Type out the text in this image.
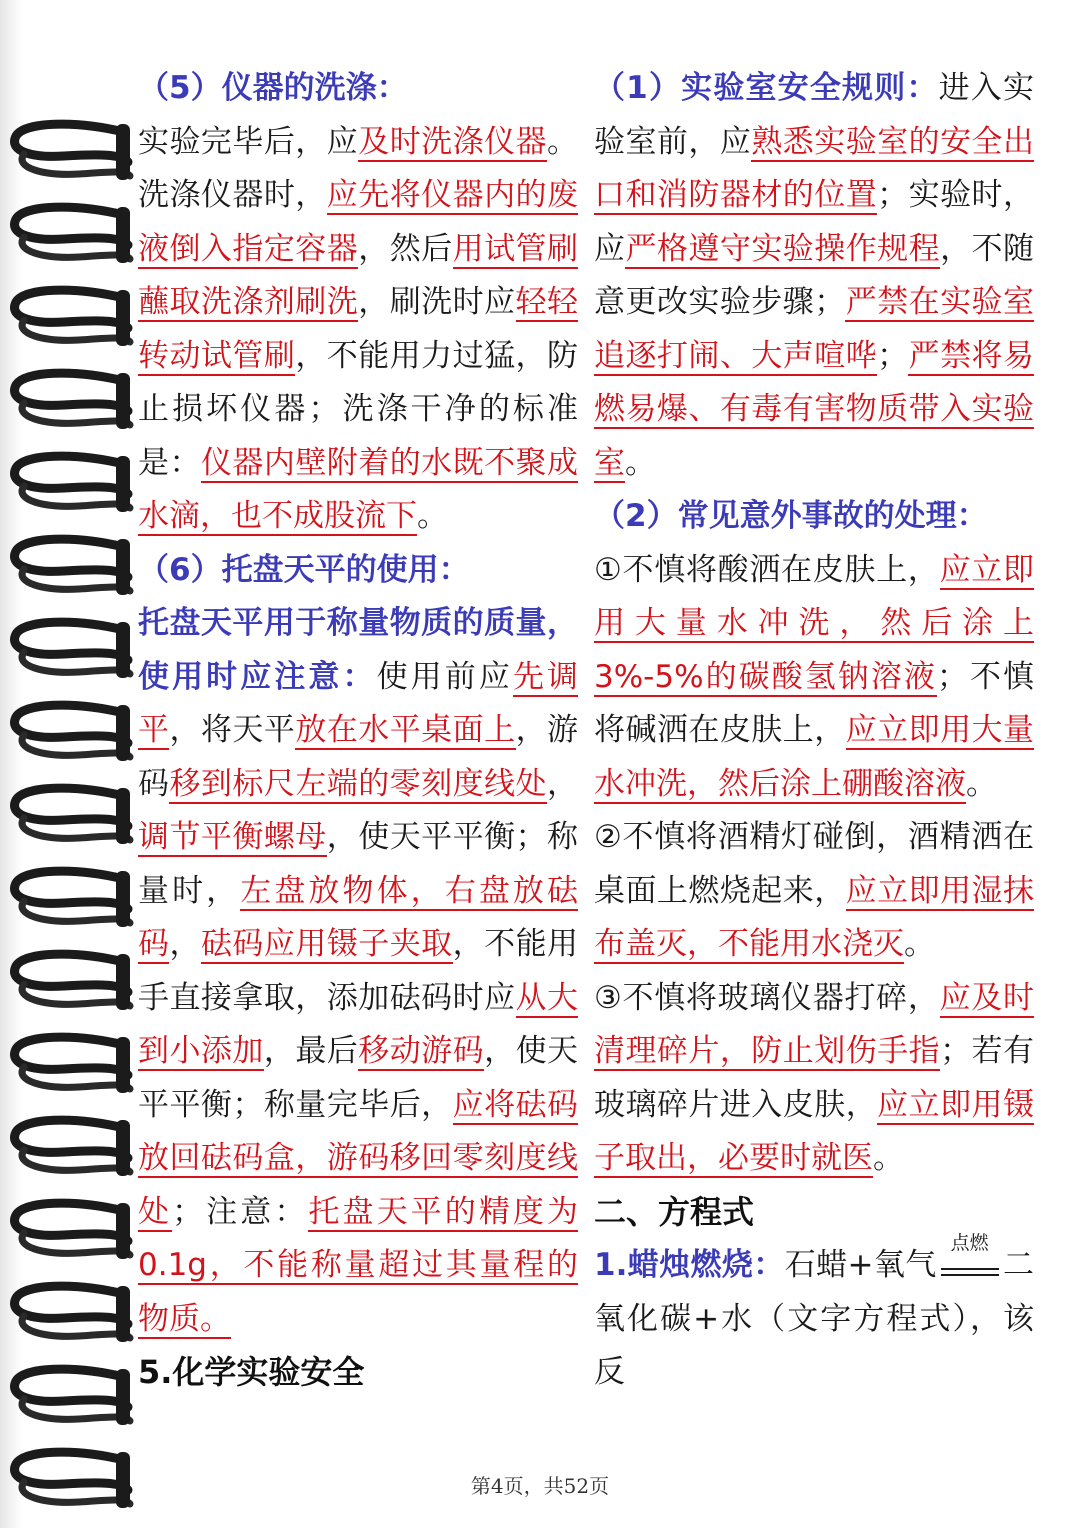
（5）仪器的洗涤：
实验完毕后，应及时洗涤仪器。洗涤仪器时，应先将仪器内的废液倒入指定容器，然后用试管刷蘸取洗涤剂刷洗，刷洗时应轻轻转动试管刷，不能用力过猛，防止损坏仪器；洗涤干净的标准是：仪器内壁附着的水既不聚成水滴，也不成股流下。

（6）托盘天平的使用：
托盘天平用于称量物质的质量，使用时应注意：使用前应先调平，将天平放在水平桌面上，游码移到标尺左端的零刻度线处，调节平衡螺母，使天平平衡；称量时，左盘放物体，右盘放砝码，砝码应用镊子夹取，不能用手直接拿取，添加砝码时应从大到小添加，最后移动游码，使天平平衡；称量完毕后，应将砝码放回砝码盒，游码移回零刻度线处；注意：托盘天平的精度为0.1g，不能称量超过其量程的物质。

5.化学实验安全

（1）实验室安全规则：进入实验室前，应熟悉实验室的安全出口和消防器材的位置；实验时，应严格遵守实验操作规程，不随意更改实验步骤；严禁在实验室追逐打闹、大声喧哗；严禁将易燃易爆、有毒有害物质带入实验室。

（2）常见意外事故的处理：

①不慎将酸洒在皮肤上，应立即用大量水冲洗，然后涂上3%-5%的碳酸氢钠溶液；不慎将碱洒在皮肤上，应立即用大量水冲洗，然后涂上硼酸溶液。

②不慎将酒精灯碰倒，酒精洒在桌面上燃烧起来，应立即用湿抹布盖灭，不能用水浇灭。

③不慎将玻璃仪器打碎，应及时清理碎片，防止划伤手指；若有玻璃碎片进入皮肤，应立即用镊子取出，必要时就医。

二、方程式

1.蜡烛燃烧：石蜡+氧气
点燃
二氧化碳+水（文字方程式），该反

第4页，共52页
